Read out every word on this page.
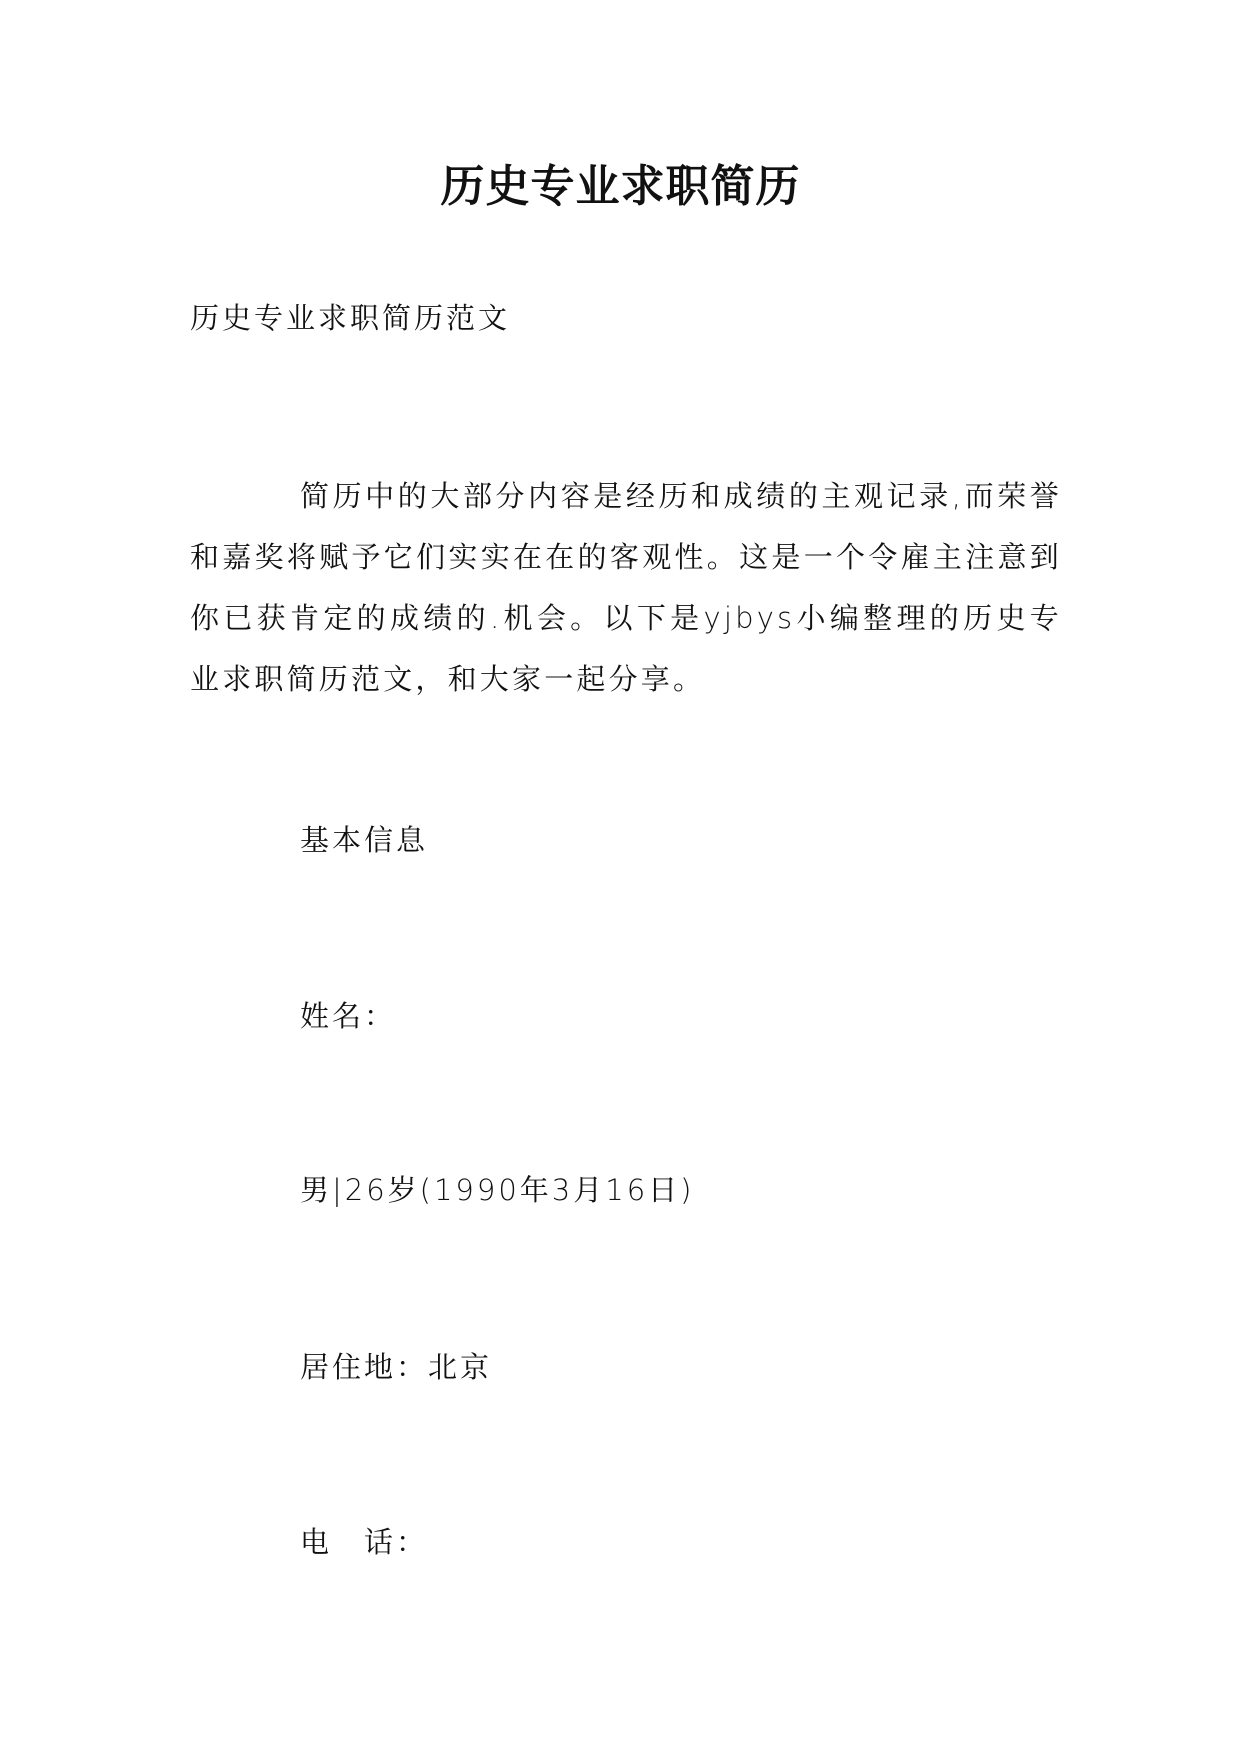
历史专业求职简历
历史专业求职简历范文
简历中的大部分内容是经历和成绩的主观记录,而荣誉和嘉奖将赋予它们实实在在的客观性。这是一个令雇主注意到你已获肯定的成绩的.机会。以下是yjbys小编整理的历史专业求职简历范文，和大家一起分享。
基本信息
姓名：
男|26岁(1990年3月16日)
居住地：北京
电　话：
